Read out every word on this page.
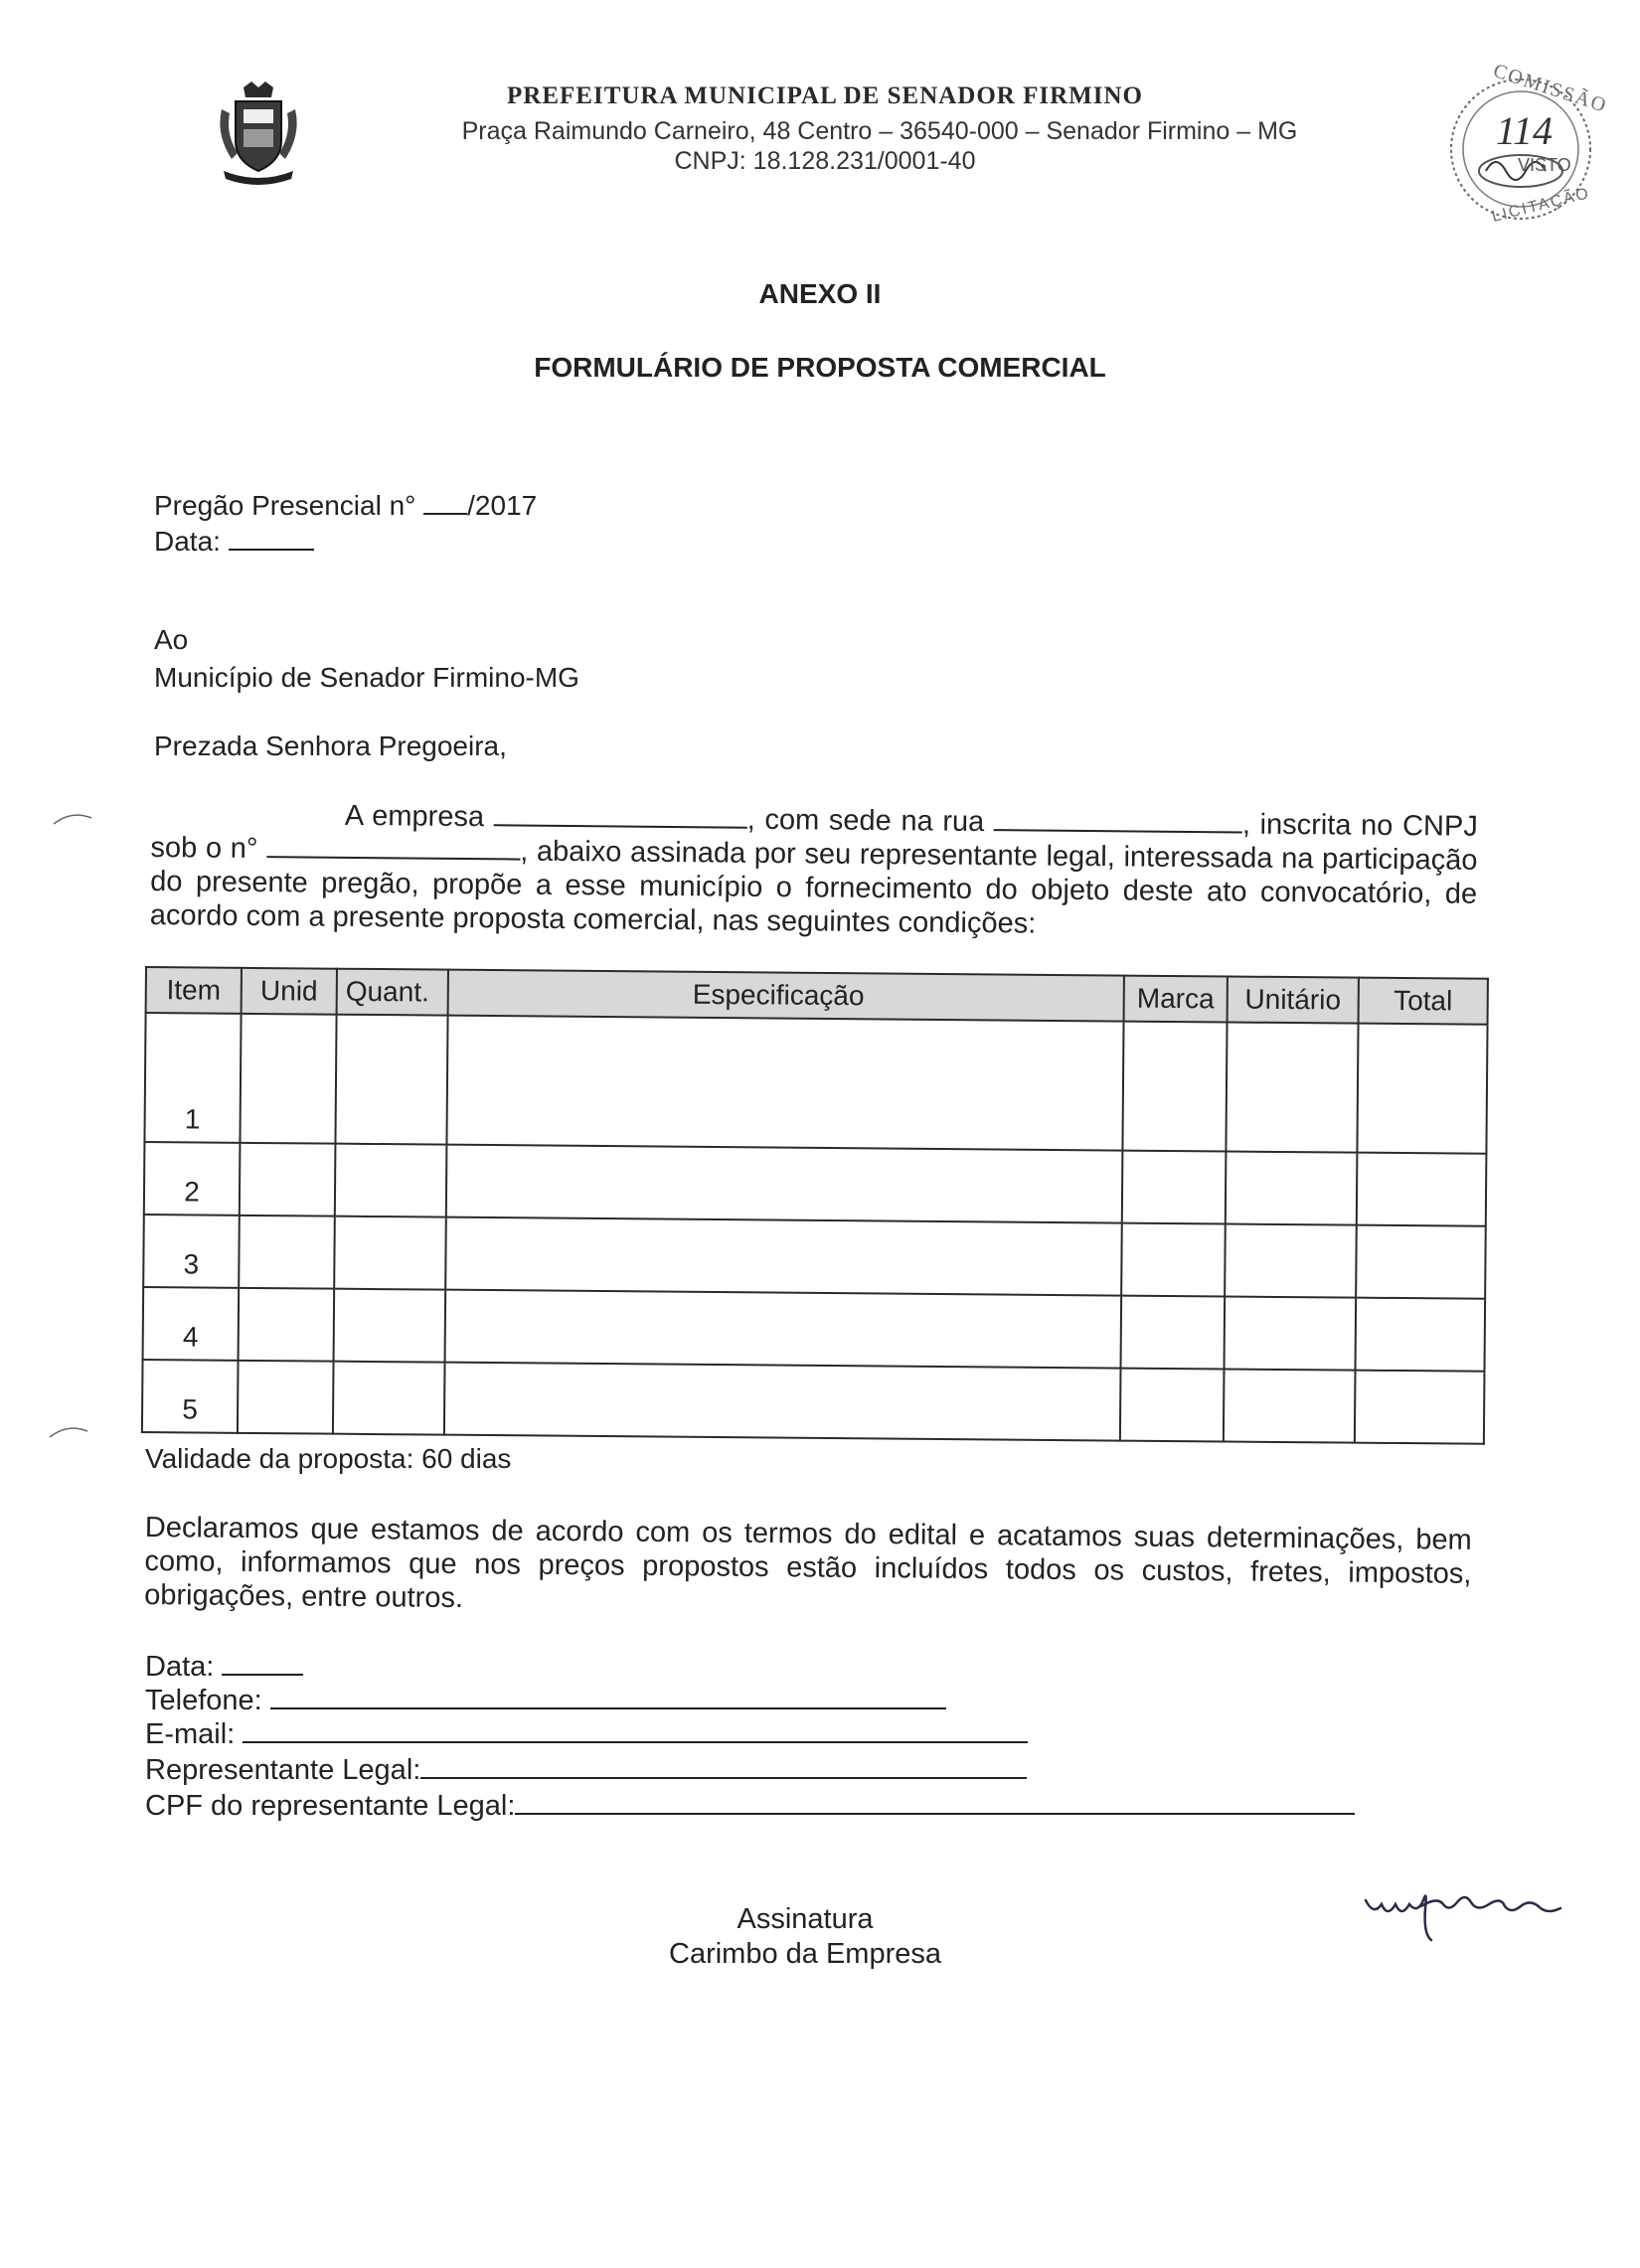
PREFEITURA MUNICIPAL DE SENADOR FIRMINO
Praça Raimundo Carneiro, 48 Centro – 36540-000 – Senador Firmino – MG
CNPJ: 18.128.231/0001-40
COMISSÃO
114
VISTO
LICITAÇÃO
ANEXO II
FORMULÁRIO DE PROPOSTA COMERCIAL
Pregão Presencial n° /2017
Data:
Ao
Município de Senador Firmino-MG
Prezada Senhora Pregoeira,
A empresa	, com sede na rua	, inscrita no CNPJ sob o n°	, abaixo assinada por seu representante legal, interessada na participação do presente pregão, propõe a esse município o fornecimento do objeto deste ato convocatório, de acordo com a presente proposta comercial, nas seguintes condições:
Item	Unid	Quant.	Especificação	Marca	Unitário	Total
1						
2						
3						
4						
5						
Validade da proposta: 60 dias
Declaramos que estamos de acordo com os termos do edital e acatamos suas determinações, bem como, informamos que nos preços propostos estão incluídos todos os custos, fretes, impostos, obrigações, entre outros.
Data:
Telefone:
E-mail:
Representante Legal:
CPF do representante Legal:
Assinatura
Carimbo da Empresa
